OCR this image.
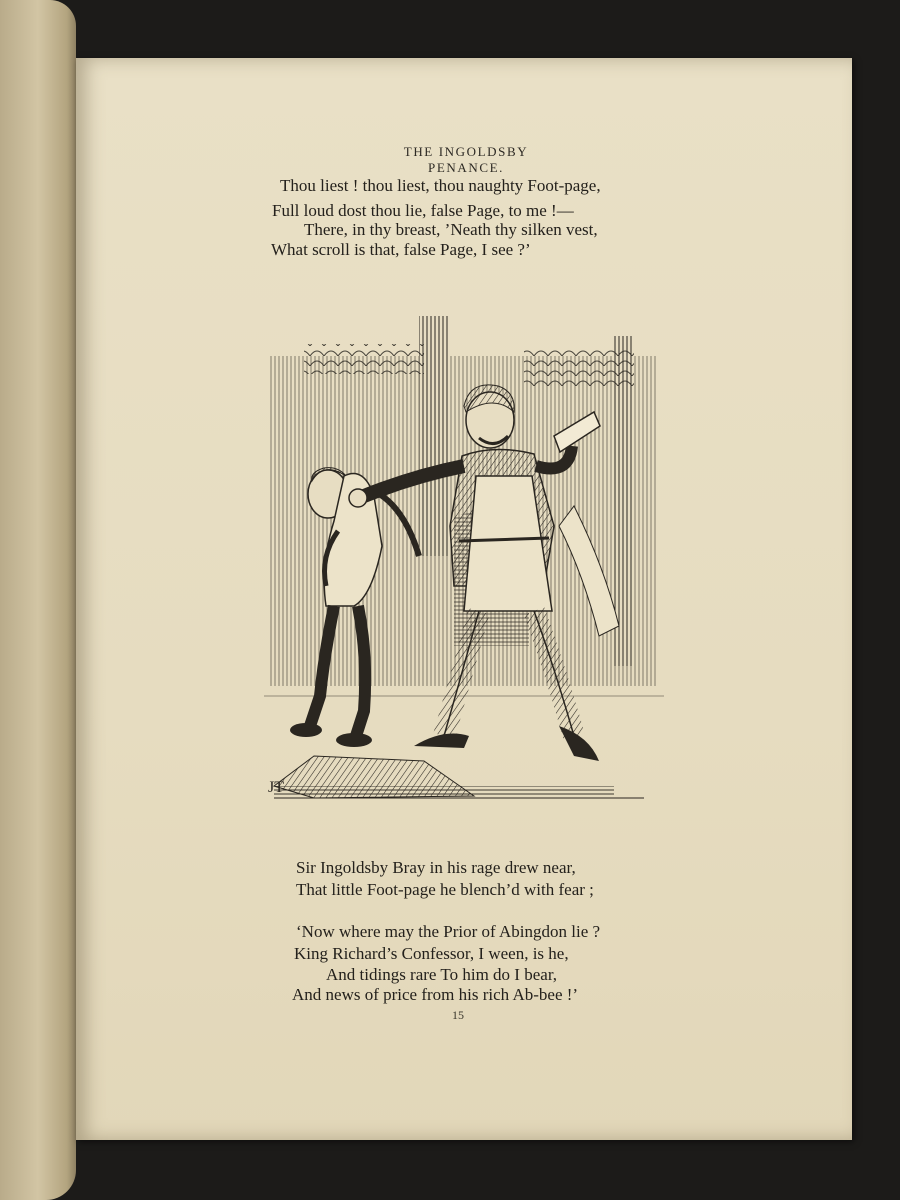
THE INGOLDSBY PENANCE.

Thou liest ! thou liest, thou naughty Foot-page,

Full loud dost thou lie, false Page, to me !—

There, in thy breast, ’Neath thy silken vest,

What scroll is that, false Page, I see ?’

JT

Sir Ingoldsby Bray in his rage drew near,

That little Foot-page he blench’d with fear ;

‘Now where may the Prior of Abingdon lie ?

King Richard’s Confessor, I ween, is he,

And tidings rare To him do I bear,

And news of price from his rich Ab-bee !’

15
